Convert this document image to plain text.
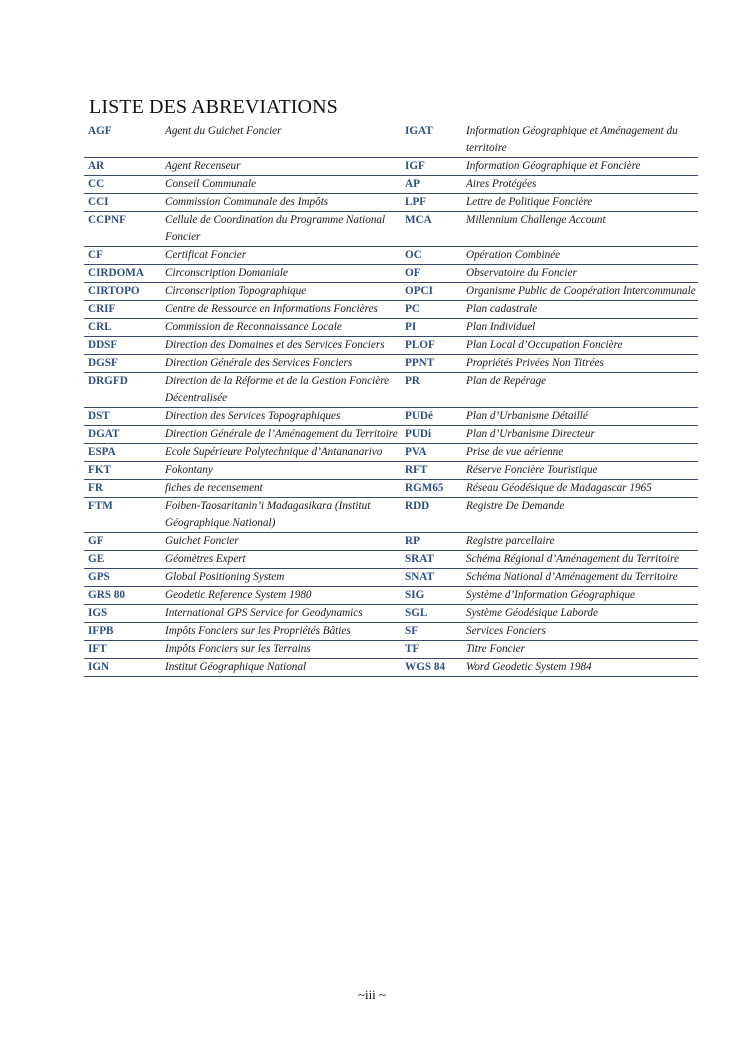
LISTE DES ABREVIATIONS
AGF	Agent du Guichet Foncier	IGAT	Information Géographique et Aménagement du territoire
AR	Agent Recenseur	IGF	Information Géographique et Foncière
CC	Conseil Communale	AP	Aires Protégées
CCI	Commission Communale des Impôts	LPF	Lettre de Politique Foncière
CCPNF	Cellule de Coordination du Programme National Foncier	MCA	Millennium Challenge Account
CF	Certificat Foncier	OC	Opération Combinée
CIRDOMA	Circonscription Domaniale	OF	Observatoire du Foncier
CIRTOPO	Circonscription Topographique	OPCI	Organisme Public de Coopération Intercommunale
CRIF	Centre de Ressource en Informations Foncières	PC	Plan cadastrale
CRL	Commission de Reconnaissance Locale	PI	Plan Individuel
DDSF	Direction des Domaines et des Services Fonciers	PLOF	Plan Local d’Occupation Foncière
DGSF	Direction Générale des Services Fonciers	PPNT	Propriétés Privées Non Titrées
DRGFD	Direction de la Réforme et de la Gestion Foncière Décentralisée	PR	Plan de Repérage
DST	Direction des Services Topographiques	PUDé	Plan d’Urbanisme Détaillé
DGAT	Direction Générale de l’Aménagement du Territoire	PUDi	Plan d’Urbanisme Directeur
ESPA	Ecole Supérieure Polytechnique d’Antananarivo	PVA	Prise de vue aérienne
FKT	Fokontany	RFT	Réserve Foncière Touristique
FR	fiches de recensement	RGM65	Réseau Géodésique de Madagascar 1965
FTM	Foiben-Taosaritanin’i Madagasikara (Institut Géographique National)	RDD	Registre De Demande
GF	Guichet Foncier	RP	Registre parcellaire
GE	Géomètres Expert	SRAT	Schéma Régional d’Aménagement du Territoire
GPS	Global Positioning System	SNAT	Schéma National d’Aménagement du Territoire
GRS 80	Geodetic Reference System 1980	SIG	Système d’Information Géographique
IGS	International GPS Service for Geodynamics	SGL	Système Géodésique Laborde
IFPB	Impôts Fonciers sur les Propriétés Bâties	SF	Services Fonciers
IFT	Impôts Fonciers sur les Terrains	TF	Titre Foncier
IGN	Institut Géographique National	WGS 84	Word Geodetic System 1984
~iii ~
